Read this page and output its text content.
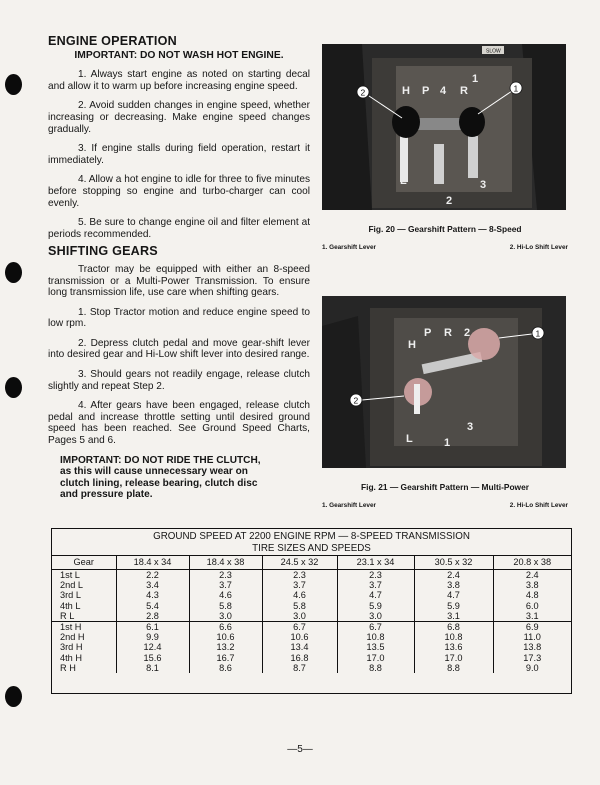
ENGINE OPERATION
IMPORTANT: DO NOT WASH HOT ENGINE.

1. Always start engine as noted on starting decal and allow it to warm up before increasing engine speed.

2. Avoid sudden changes in engine speed, whether increasing or decreasing. Make engine speed changes gradually.

3. If engine stalls during field operation, restart it immediately.

4. Allow a hot engine to idle for three to five minutes before stopping so engine and turbo-charger can cool evenly.

5. Be sure to change engine oil and filter element at periods recommended.

SHIFTING GEARS

Tractor may be equipped with either an 8-speed transmission or a Multi-Power Transmission. To ensure long transmission life, use care when shifting gears.

1. Stop Tractor motion and reduce engine speed to low rpm.

2. Depress clutch pedal and move gear-shift lever into desired gear and Hi-Low shift lever into desired range.

3. Should gears not readily engage, release clutch slightly and repeat Step 2.

4. After gears have been engaged, release clutch pedal and increase throttle setting until desired ground speed has been reached. See Ground Speed Charts, Pages 5 and 6.

IMPORTANT: DO NOT RIDE THE CLUTCH,
as this will cause unnecessary wear on
clutch lining, release bearing, clutch disc
and pressure plate.

SLOW
H P 4 R
1
3
2
2	1
Fig. 20 — Gearshift Pattern — 8-Speed
1. Gearshift Lever	2. Hi-Lo Shift Lever
P R 2
H
3
L	1
1
2
Fig. 21 — Gearshift Pattern — Multi-Power
1. Gearshift Lever	2. Hi-Lo Shift Lever
GROUND SPEED AT 2200 ENGINE RPM — 8-SPEED TRANSMISSION						
TIRE SIZES AND SPEEDS						
Gear	18.4 x 34	18.4 x 38	24.5 x 32	23.1 x 34	30.5 x 32	20.8 x 38
1st L	2.2	2.3	2.3	2.3	2.4	2.4
2nd L	3.4	3.7	3.7	3.7	3.8	3.8
3rd L	4.3	4.6	4.6	4.7	4.7	4.8
4th L	5.4	5.8	5.8	5.9	5.9	6.0
R L	2.8	3.0	3.0	3.0	3.1	3.1
1st H	6.1	6.6	6.7	6.7	6.8	6.9
2nd H	9.9	10.6	10.6	10.8	10.8	11.0
3rd H	12.4	13.2	13.4	13.5	13.6	13.8
4th H	15.6	16.7	16.8	17.0	17.0	17.3
R H	8.1	8.6	8.7	8.8	8.8	9.0
—5—
